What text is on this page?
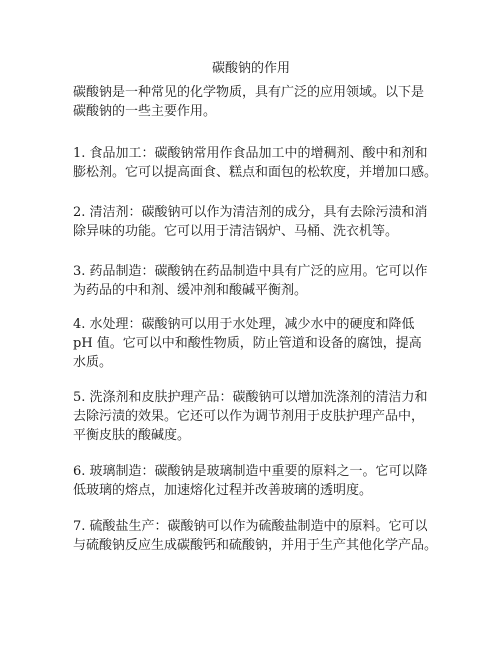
碳酸钠的作用
碳酸钠是一种常见的化学物质，具有广泛的应用领域。以下是
碳酸钠的一些主要作用。
1. 食品加工：碳酸钠常用作食品加工中的增稠剂、酸中和剂和
膨松剂。它可以提高面食、糕点和面包的松软度，并增加口感。
2. 清洁剂：碳酸钠可以作为清洁剂的成分，具有去除污渍和消
除异味的功能。它可以用于清洁锅炉、马桶、洗衣机等。
3. 药品制造：碳酸钠在药品制造中具有广泛的应用。它可以作
为药品的中和剂、缓冲剂和酸碱平衡剂。
4. 水处理：碳酸钠可以用于水处理，减少水中的硬度和降低
pH 值。它可以中和酸性物质，防止管道和设备的腐蚀，提高
水质。
5. 洗涤剂和皮肤护理产品：碳酸钠可以增加洗涤剂的清洁力和
去除污渍的效果。它还可以作为调节剂用于皮肤护理产品中，
平衡皮肤的酸碱度。
6. 玻璃制造：碳酸钠是玻璃制造中重要的原料之一。它可以降
低玻璃的熔点，加速熔化过程并改善玻璃的透明度。
7. 硫酸盐生产：碳酸钠可以作为硫酸盐制造中的原料。它可以
与硫酸钠反应生成碳酸钙和硫酸钠，并用于生产其他化学产品。
